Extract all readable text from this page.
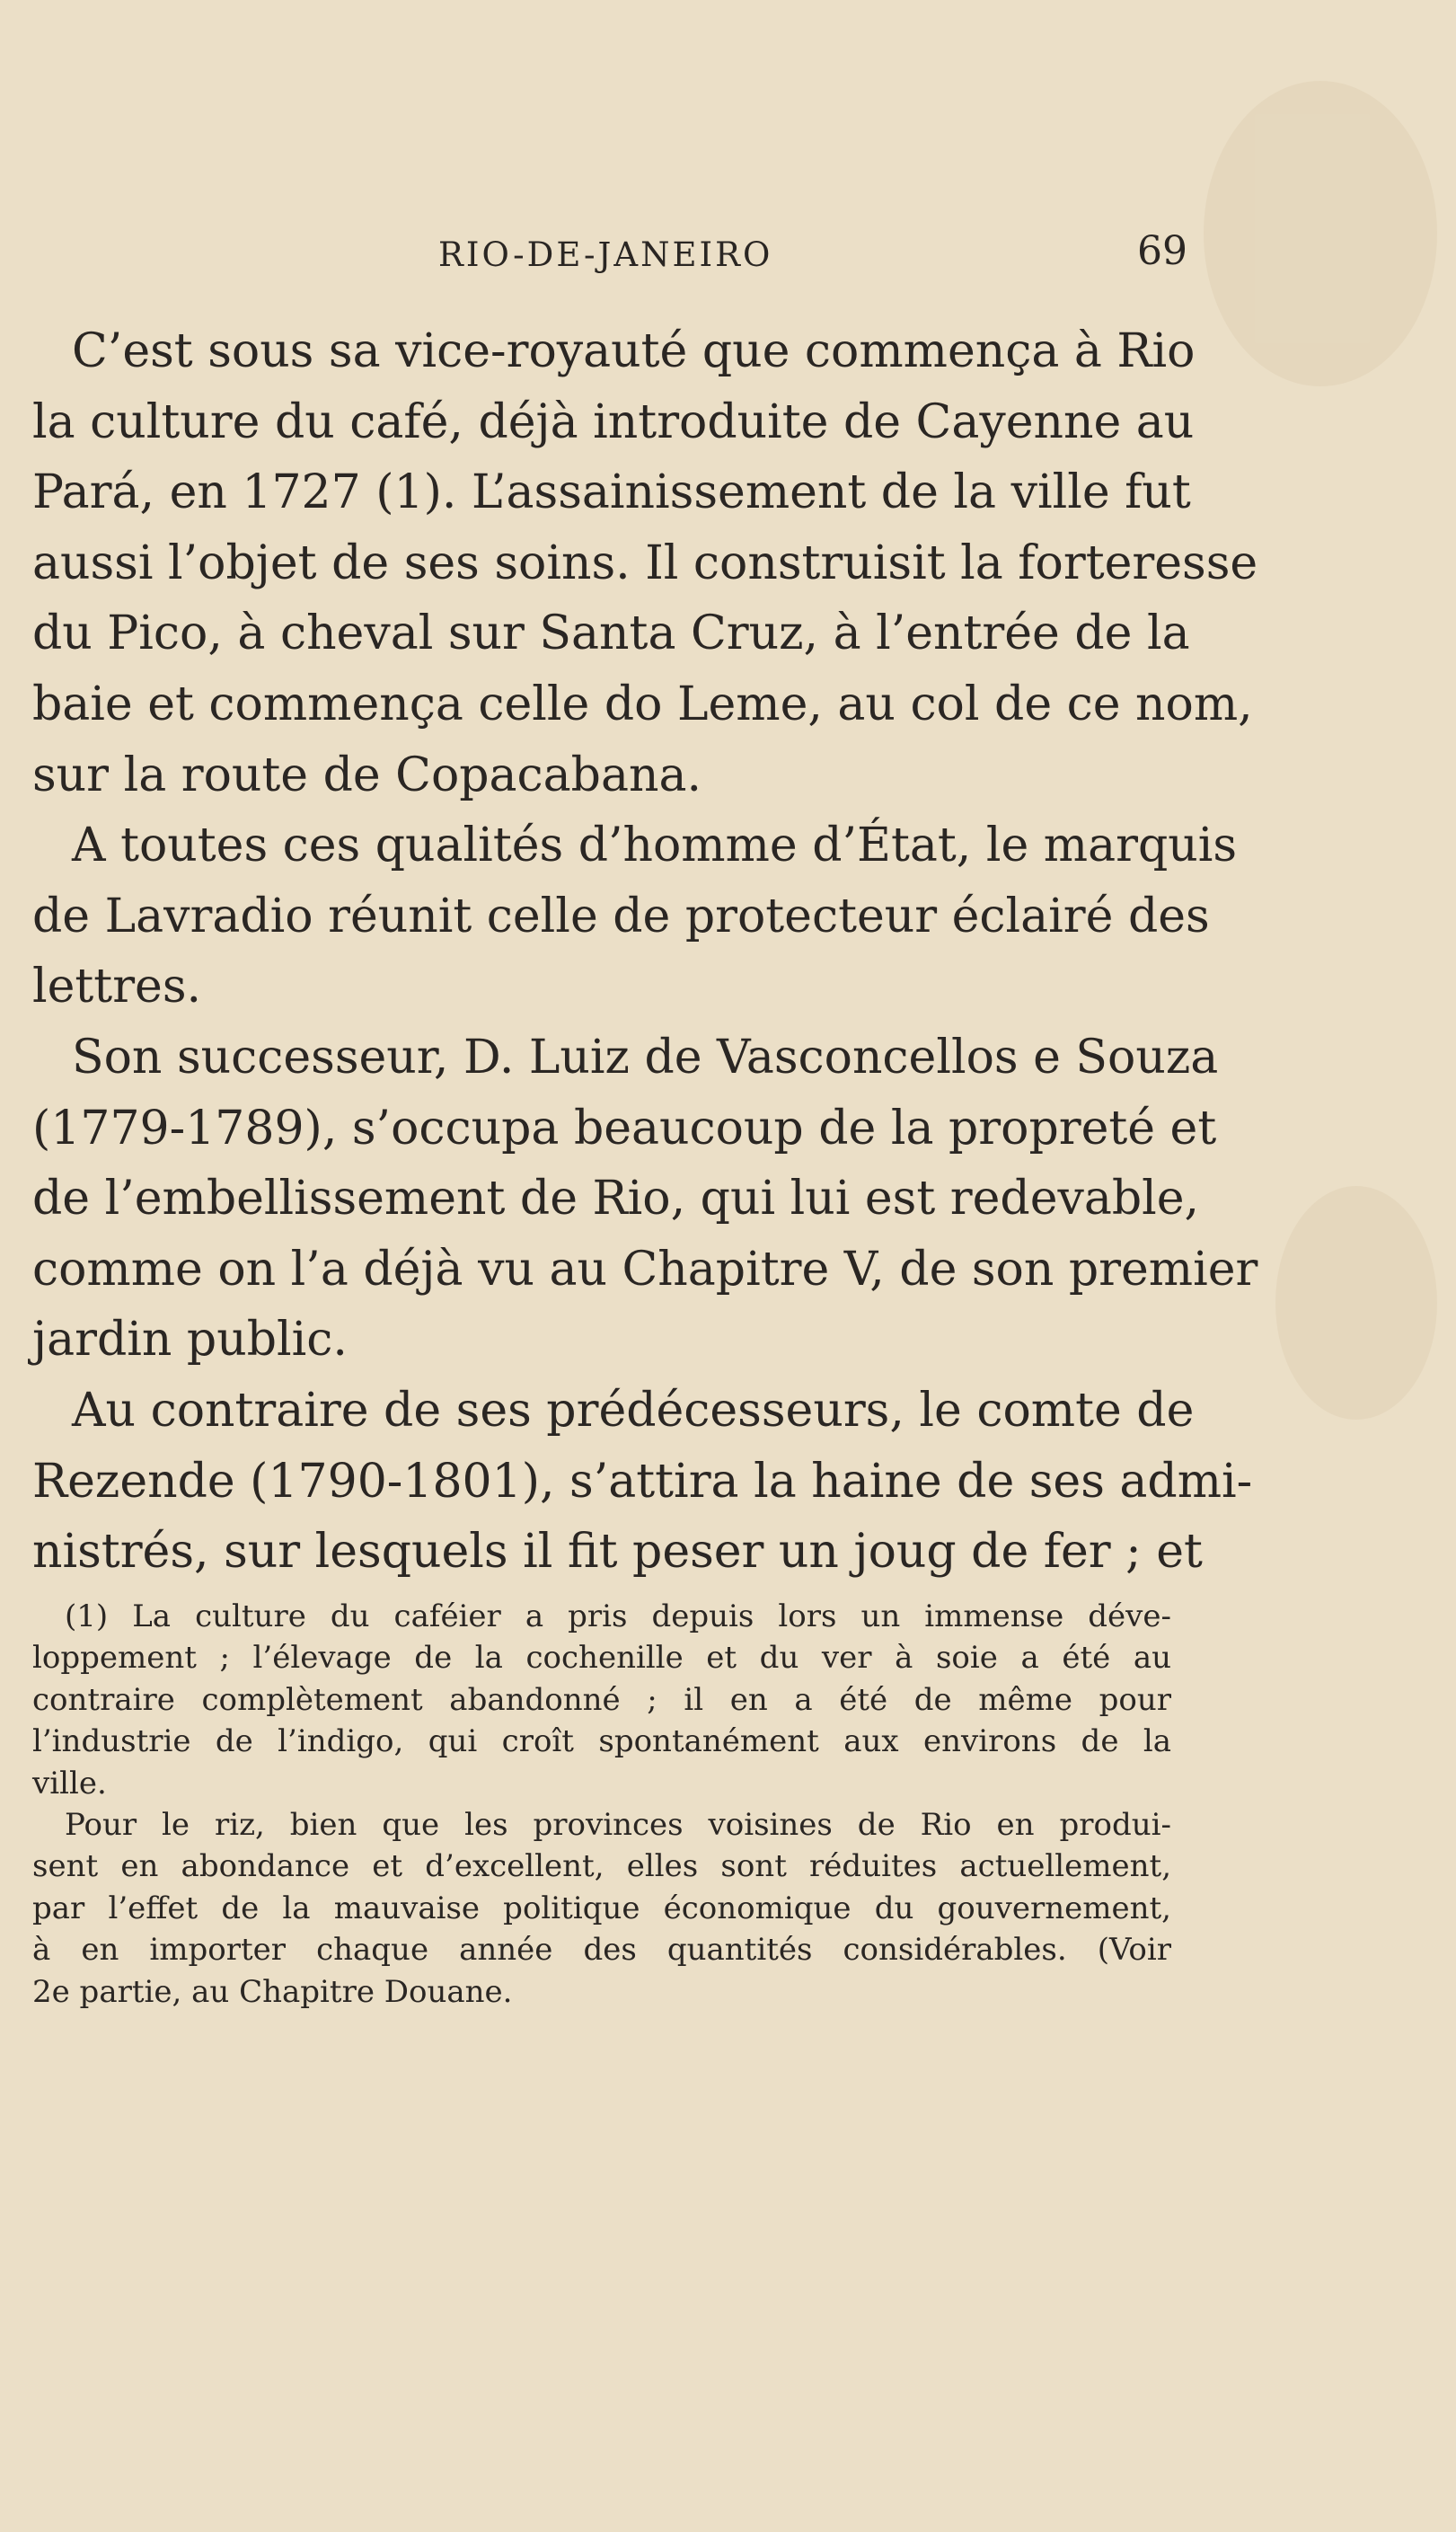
RIO-DE-JANEIRO	69
C’est sous sa vice-royauté que commença à Rio
la culture du café, déjà introduite de Cayenne au
Pará, en 1727 (1). L’assainissement de la ville fut
aussi l’objet de ses soins. Il construisit la forteresse
du Pico, à cheval sur Santa Cruz, à l’entrée de la
baie et commença celle do Leme, au col de ce nom,
sur la route de Copacabana.
A toutes ces qualités d’homme d’État, le marquis
de Lavradio réunit celle de protecteur éclairé des
lettres.
Son successeur, D. Luiz de Vasconcellos e Souza
(1779-1789), s’occupa beaucoup de la propreté et
de l’embellissement de Rio, qui lui est redevable,
comme on l’a déjà vu au Chapitre V, de son premier
jardin public.
Au contraire de ses prédécesseurs, le comte de
Rezende (1790-1801), s’attira la haine de ses admi-
nistrés, sur lesquels il fit peser un joug de fer ; et
(1) La culture du caféier a pris depuis lors un immense déve-
loppement ; l’élevage de la cochenille et du ver à soie a été au
contraire complètement abandonné ; il en a été de même pour
l’industrie de l’indigo, qui croît spontanément aux environs de la
ville.
Pour le riz, bien que les provinces voisines de Rio en produi-
sent en abondance et d’excellent, elles sont réduites actuellement,
par l’effet de la mauvaise politique économique du gouvernement,
à en importer chaque année des quantités considérables. (Voir
2e partie, au Chapitre Douane.
